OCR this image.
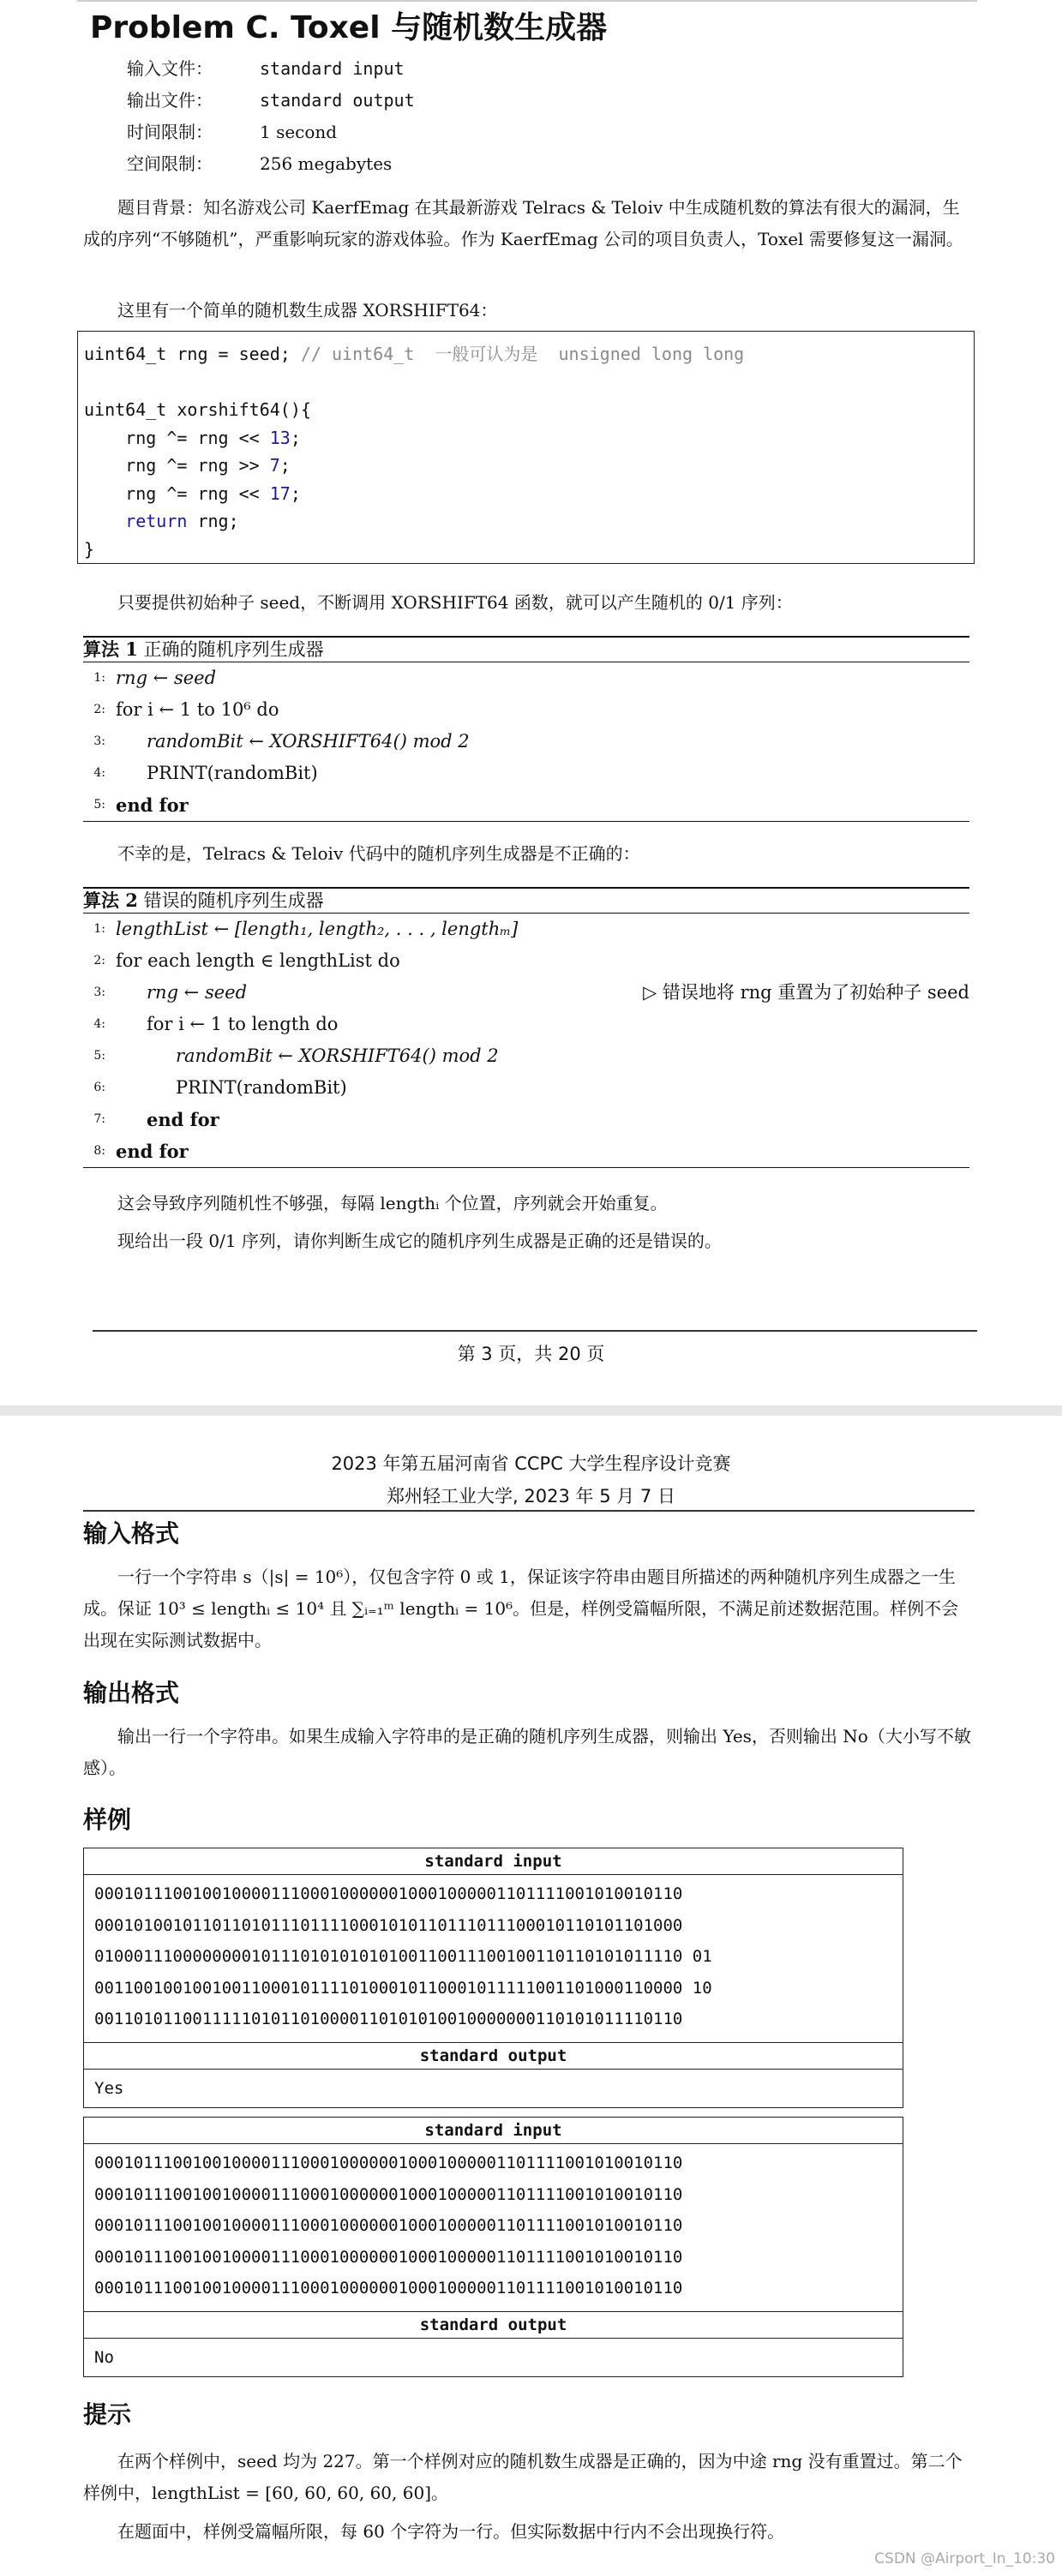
Problem C. Toxel 与随机数生成器
输入文件：	standard input
输出文件：	standard output
时间限制：	1 second
空间限制：	256 megabytes

题目背景：知名游戏公司 KaerfEmag 在其最新游戏 Telracs & Teloiv 中生成随机数的算法有很大的漏洞，生成的序列“不够随机”，严重影响玩家的游戏体验。作为 KaerfEmag 公司的项目负责人，Toxel 需要修复这一漏洞。

这里有一个简单的随机数生成器 XORSHIFT64：

uint64_t rng = seed; // uint64_t  一般可认为是  unsigned long long

uint64_t xorshift64(){
rng ^= rng << 13;
rng ^= rng >> 7;
rng ^= rng << 17;
return rng;
}

只要提供初始种子 seed，不断调用 XORSHIFT64 函数，就可以产生随机的 0/1 序列：

算法 1 正确的随机序列生成器
1: rng ← seed
2: for i ← 1 to 10⁶ do
3: randomBit ← XORSHIFT64() mod 2
4: PRINT(randomBit)
5: end for

不幸的是，Telracs & Teloiv 代码中的随机序列生成器是不正确的：

算法 2 错误的随机序列生成器
1: lengthList ← [length₁, length₂, . . . , lengthₘ]
2: for each length ∈ lengthList do
3: rng ← seed	▷ 错误地将 rng 重置为了初始种子 seed
4: for i ← 1 to length do
5:	randomBit ← XORSHIFT64() mod 2
6:	PRINT(randomBit)
7: end for
8: end for

这会导致序列随机性不够强，每隔 lengthᵢ 个位置，序列就会开始重复。

现给出一段 0/1 序列，请你判断生成它的随机序列生成器是正确的还是错误的。

第 3 页，共 20 页
2023 年第五届河南省 CCPC 大学生程序设计竞赛
郑州轻工业大学, 2023 年 5 月 7 日
输入格式

一行一个字符串 s（|s| = 10⁶），仅包含字符 0 或 1，保证该字符串由题目所描述的两种随机序列生成器之一生成。保证 10³ ≤ lengthᵢ ≤ 10⁴ 且 ∑ᵢ₌₁ᵐ lengthᵢ = 10⁶。但是，样例受篇幅所限，不满足前述数据范围。样例不会出现在实际测试数据中。

输出格式

输出一行一个字符串。如果生成输入字符串的是正确的随机序列生成器，则输出 Yes，否则输出 No（大小写不敏感）。

样例
standard input
000101110010010000111000100000010001000001101111001010010110
000101001011011010111011110001010110111011100010110101101000
010001110000000010111010101010100110011100100110110101011110 01
001100100100100110001011110100010110001011111001101000110000 10
001101011001111101011010000110101010010000000110101011110110
standard output
Yes
standard input
000101110010010000111000100000010001000001101111001010010110
000101110010010000111000100000010001000001101111001010010110
000101110010010000111000100000010001000001101111001010010110
000101110010010000111000100000010001000001101111001010010110
000101110010010000111000100000010001000001101111001010010110
standard output
No
提示

在两个样例中，seed 均为 227。第一个样例对应的随机数生成器是正确的，因为中途 rng 没有重置过。第二个样例中，lengthList = [60, 60, 60, 60, 60]。

在题面中，样例受篇幅所限，每 60 个字符为一行。但实际数据中行内不会出现换行符。

CSDN @Airport_In_10:30
